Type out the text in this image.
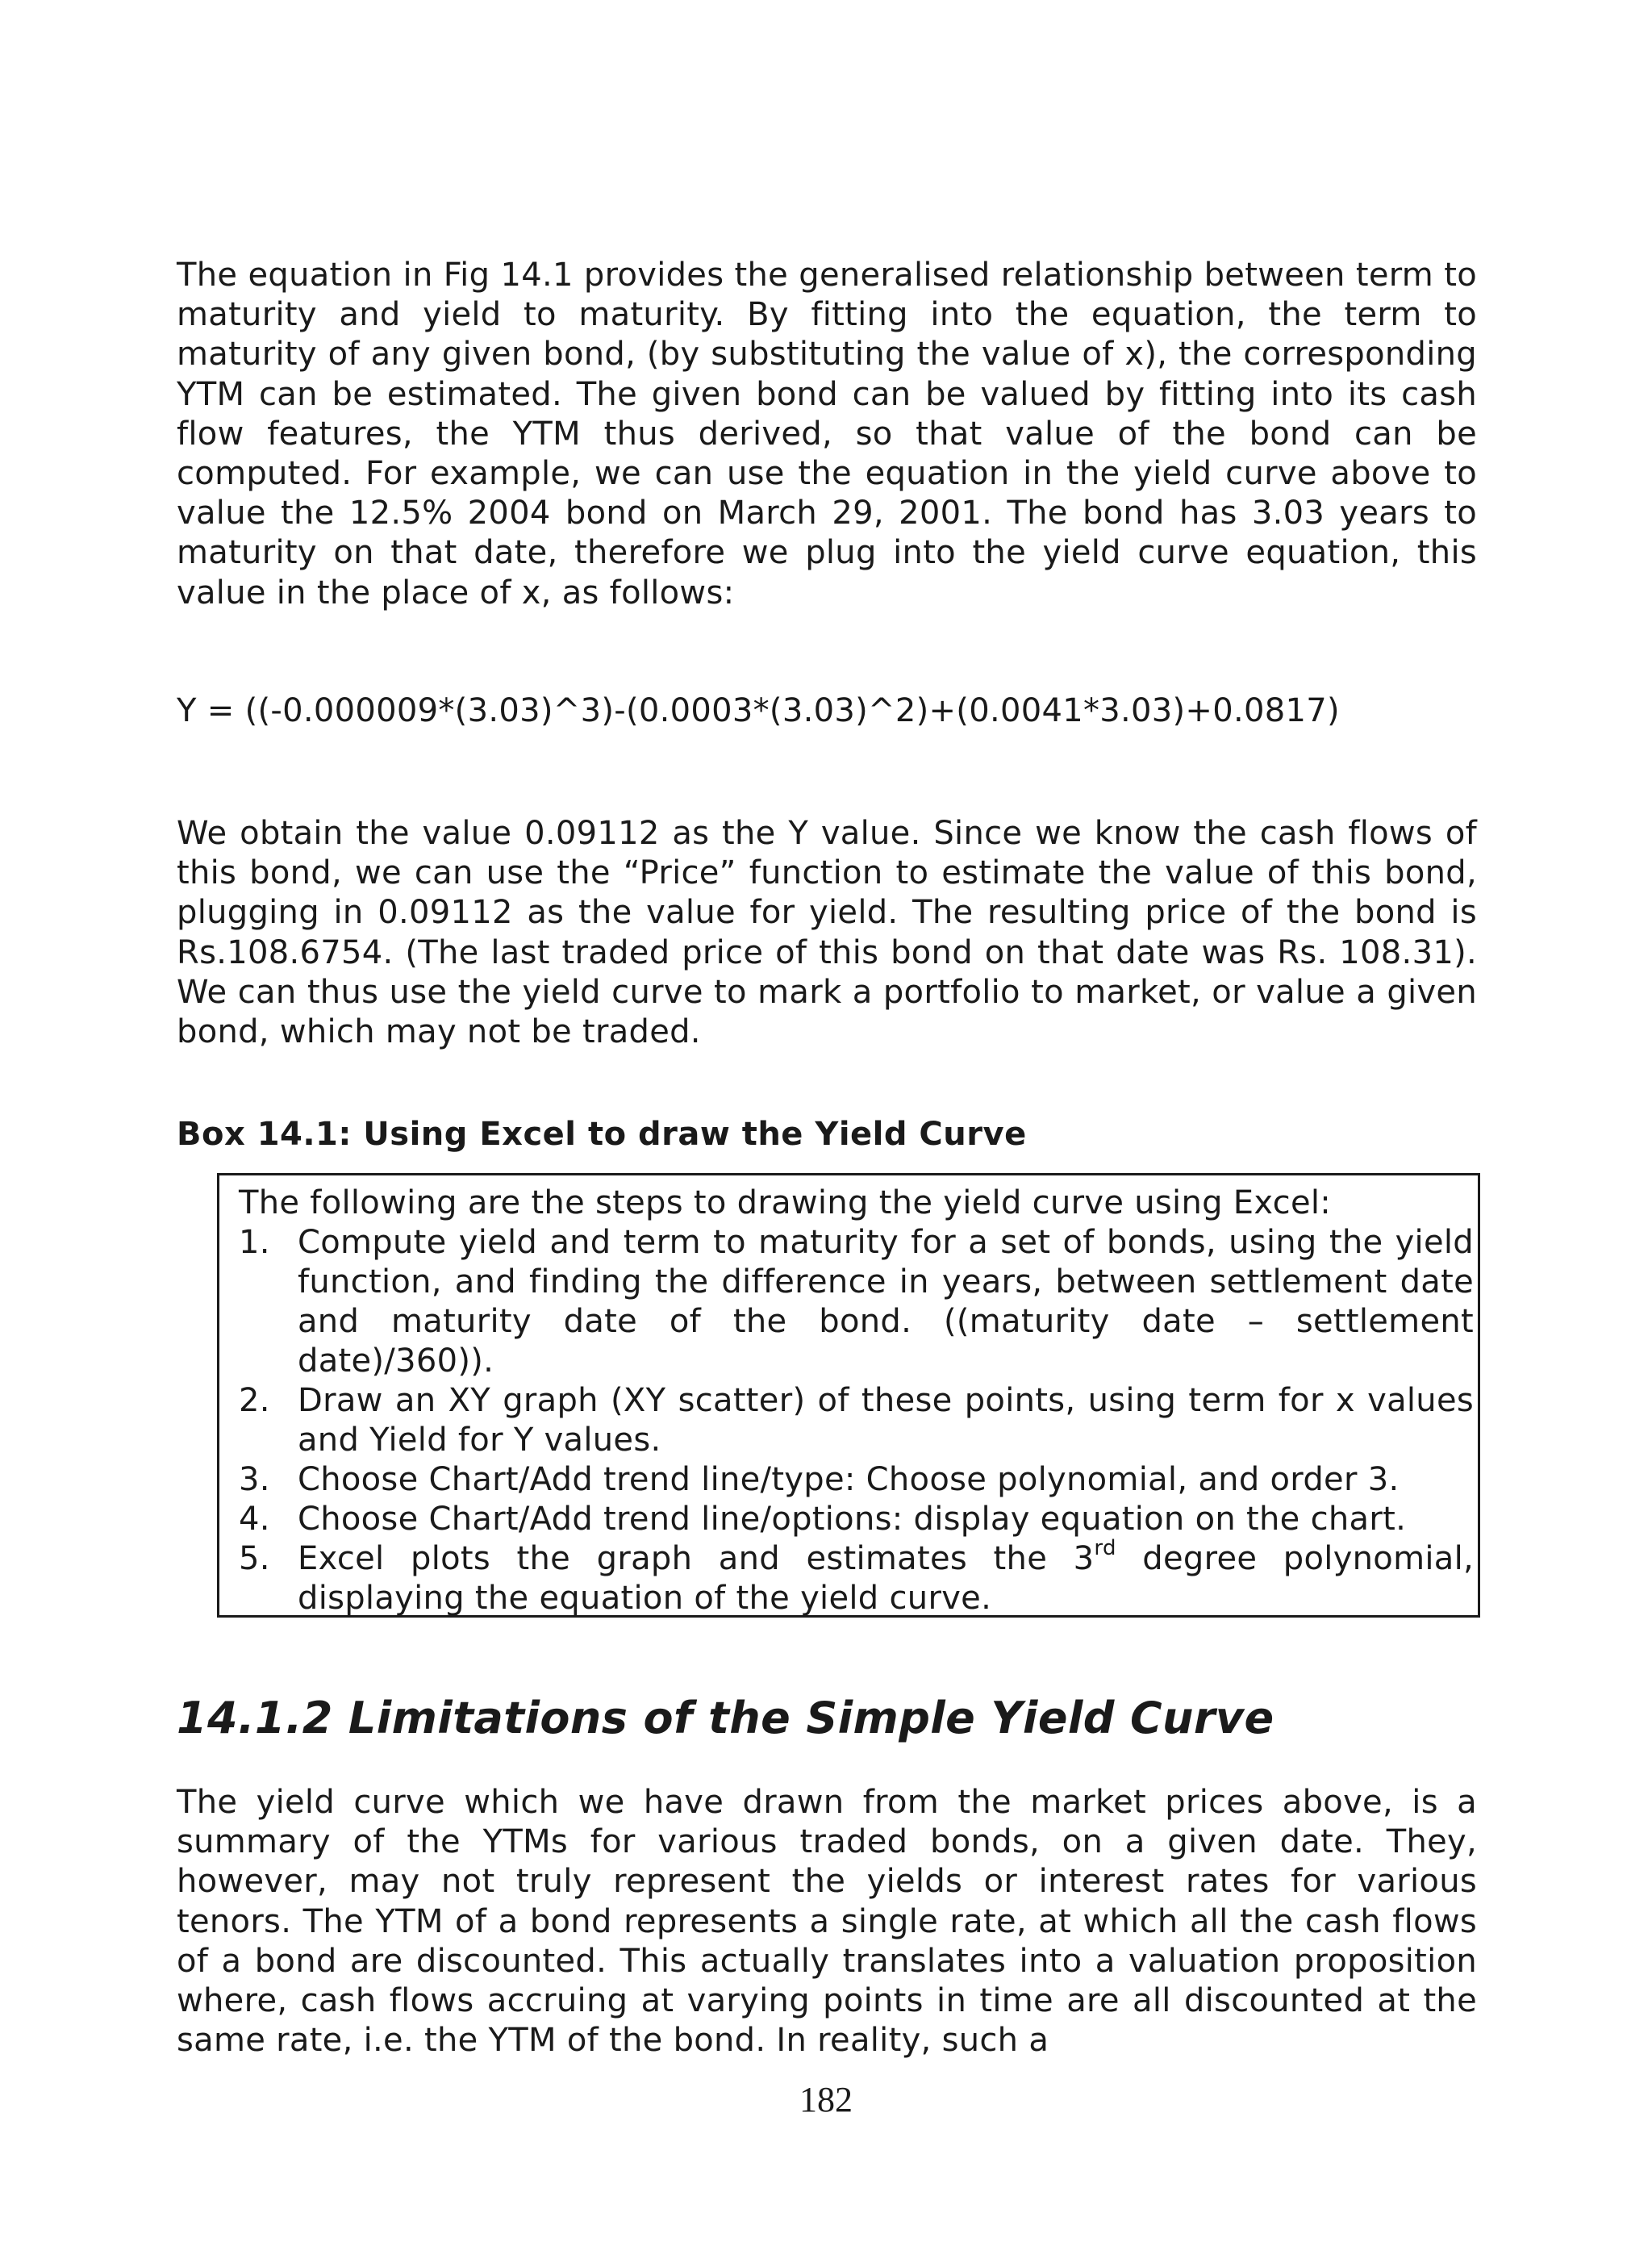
The equation in Fig 14.1 provides the generalised relationship between term to maturity and yield to maturity. By fitting into the equation, the term to maturity of any given bond, (by substituting the value of x), the corresponding YTM can be estimated. The given bond can be valued by fitting into its cash flow features, the YTM thus derived, so that value of the bond can be computed. For example, we can use the equation in the yield curve above to value the 12.5% 2004 bond on March 29, 2001. The bond has 3.03 years to maturity on that date, therefore we plug into the yield curve equation, this value in the place of x, as follows:

Y = ((-0.000009*(3.03)^3)-(0.0003*(3.03)^2)+(0.0041*3.03)+0.0817)

We obtain the value 0.09112 as the Y value. Since we know the cash flows of this bond, we can use the “Price” function to estimate the value of this bond, plugging in 0.09112 as the value for yield. The resulting price of the bond is Rs.108.6754. (The last traded price of this bond on that date was Rs. 108.31). We can thus use the yield curve to mark a portfolio to market, or value a given bond, which may not be traded.

Box 14.1: Using Excel to draw the Yield Curve

The following are the steps to drawing the yield curve using Excel:

1. Compute yield and term to maturity for a set of bonds, using the yield function, and finding the difference in years, between settlement date and maturity date of the bond. ((maturity date – settlement date)/360)).
2. Draw an XY graph (XY scatter) of these points, using term for x values and Yield for Y values.
3. Choose Chart/Add trend line/type: Choose polynomial, and order 3.
4. Choose Chart/Add trend line/options: display equation on the chart.
5. Excel plots the graph and estimates the 3rd degree polynomial, displaying the equation of the yield curve.
14.1.2 Limitations of the Simple Yield Curve

The yield curve which we have drawn from the market prices above, is a summary of the YTMs for various traded bonds, on a given date. They, however, may not truly represent the yields or interest rates for various tenors. The YTM of a bond represents a single rate, at which all the cash flows of a bond are discounted. This actually translates into a valuation proposition where, cash flows accruing at varying points in time are all discounted at the same rate, i.e. the YTM of the bond. In reality, such a

182
